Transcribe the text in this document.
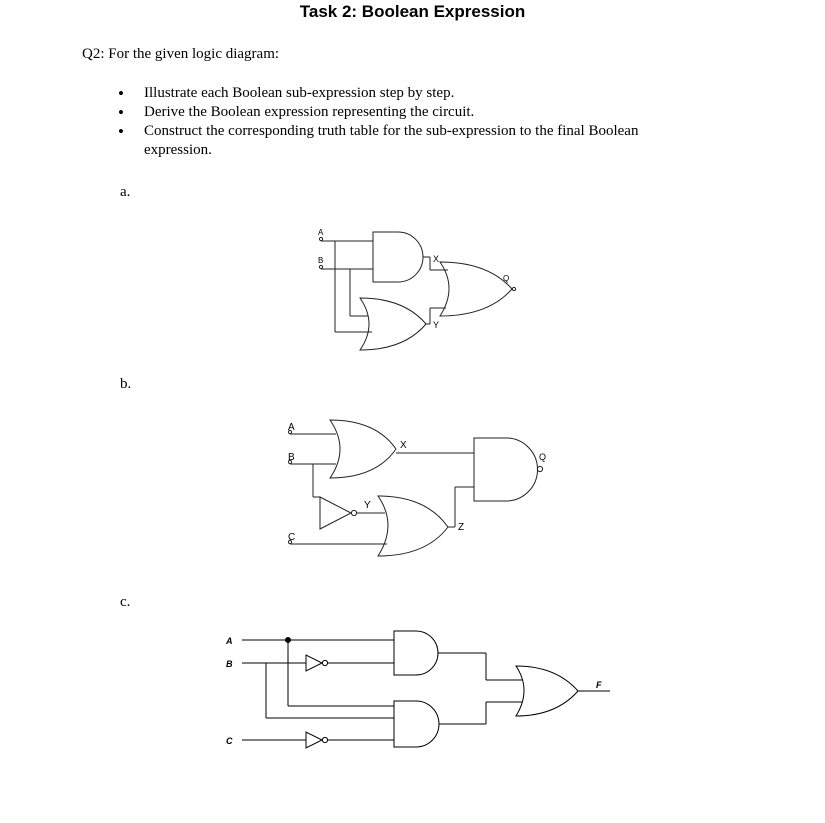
Task 2: Boolean Expression
Q2: For the given logic diagram:
• Illustrate each Boolean sub-expression step by step.
• Derive the Boolean expression representing the circuit.
• Construct the corresponding truth table for the sub-expression to the final Boolean expression.
a.
b.
c.
A
B	X
Y
Q
A
B
C
X
Y
Z
Q
A
B
C
F
